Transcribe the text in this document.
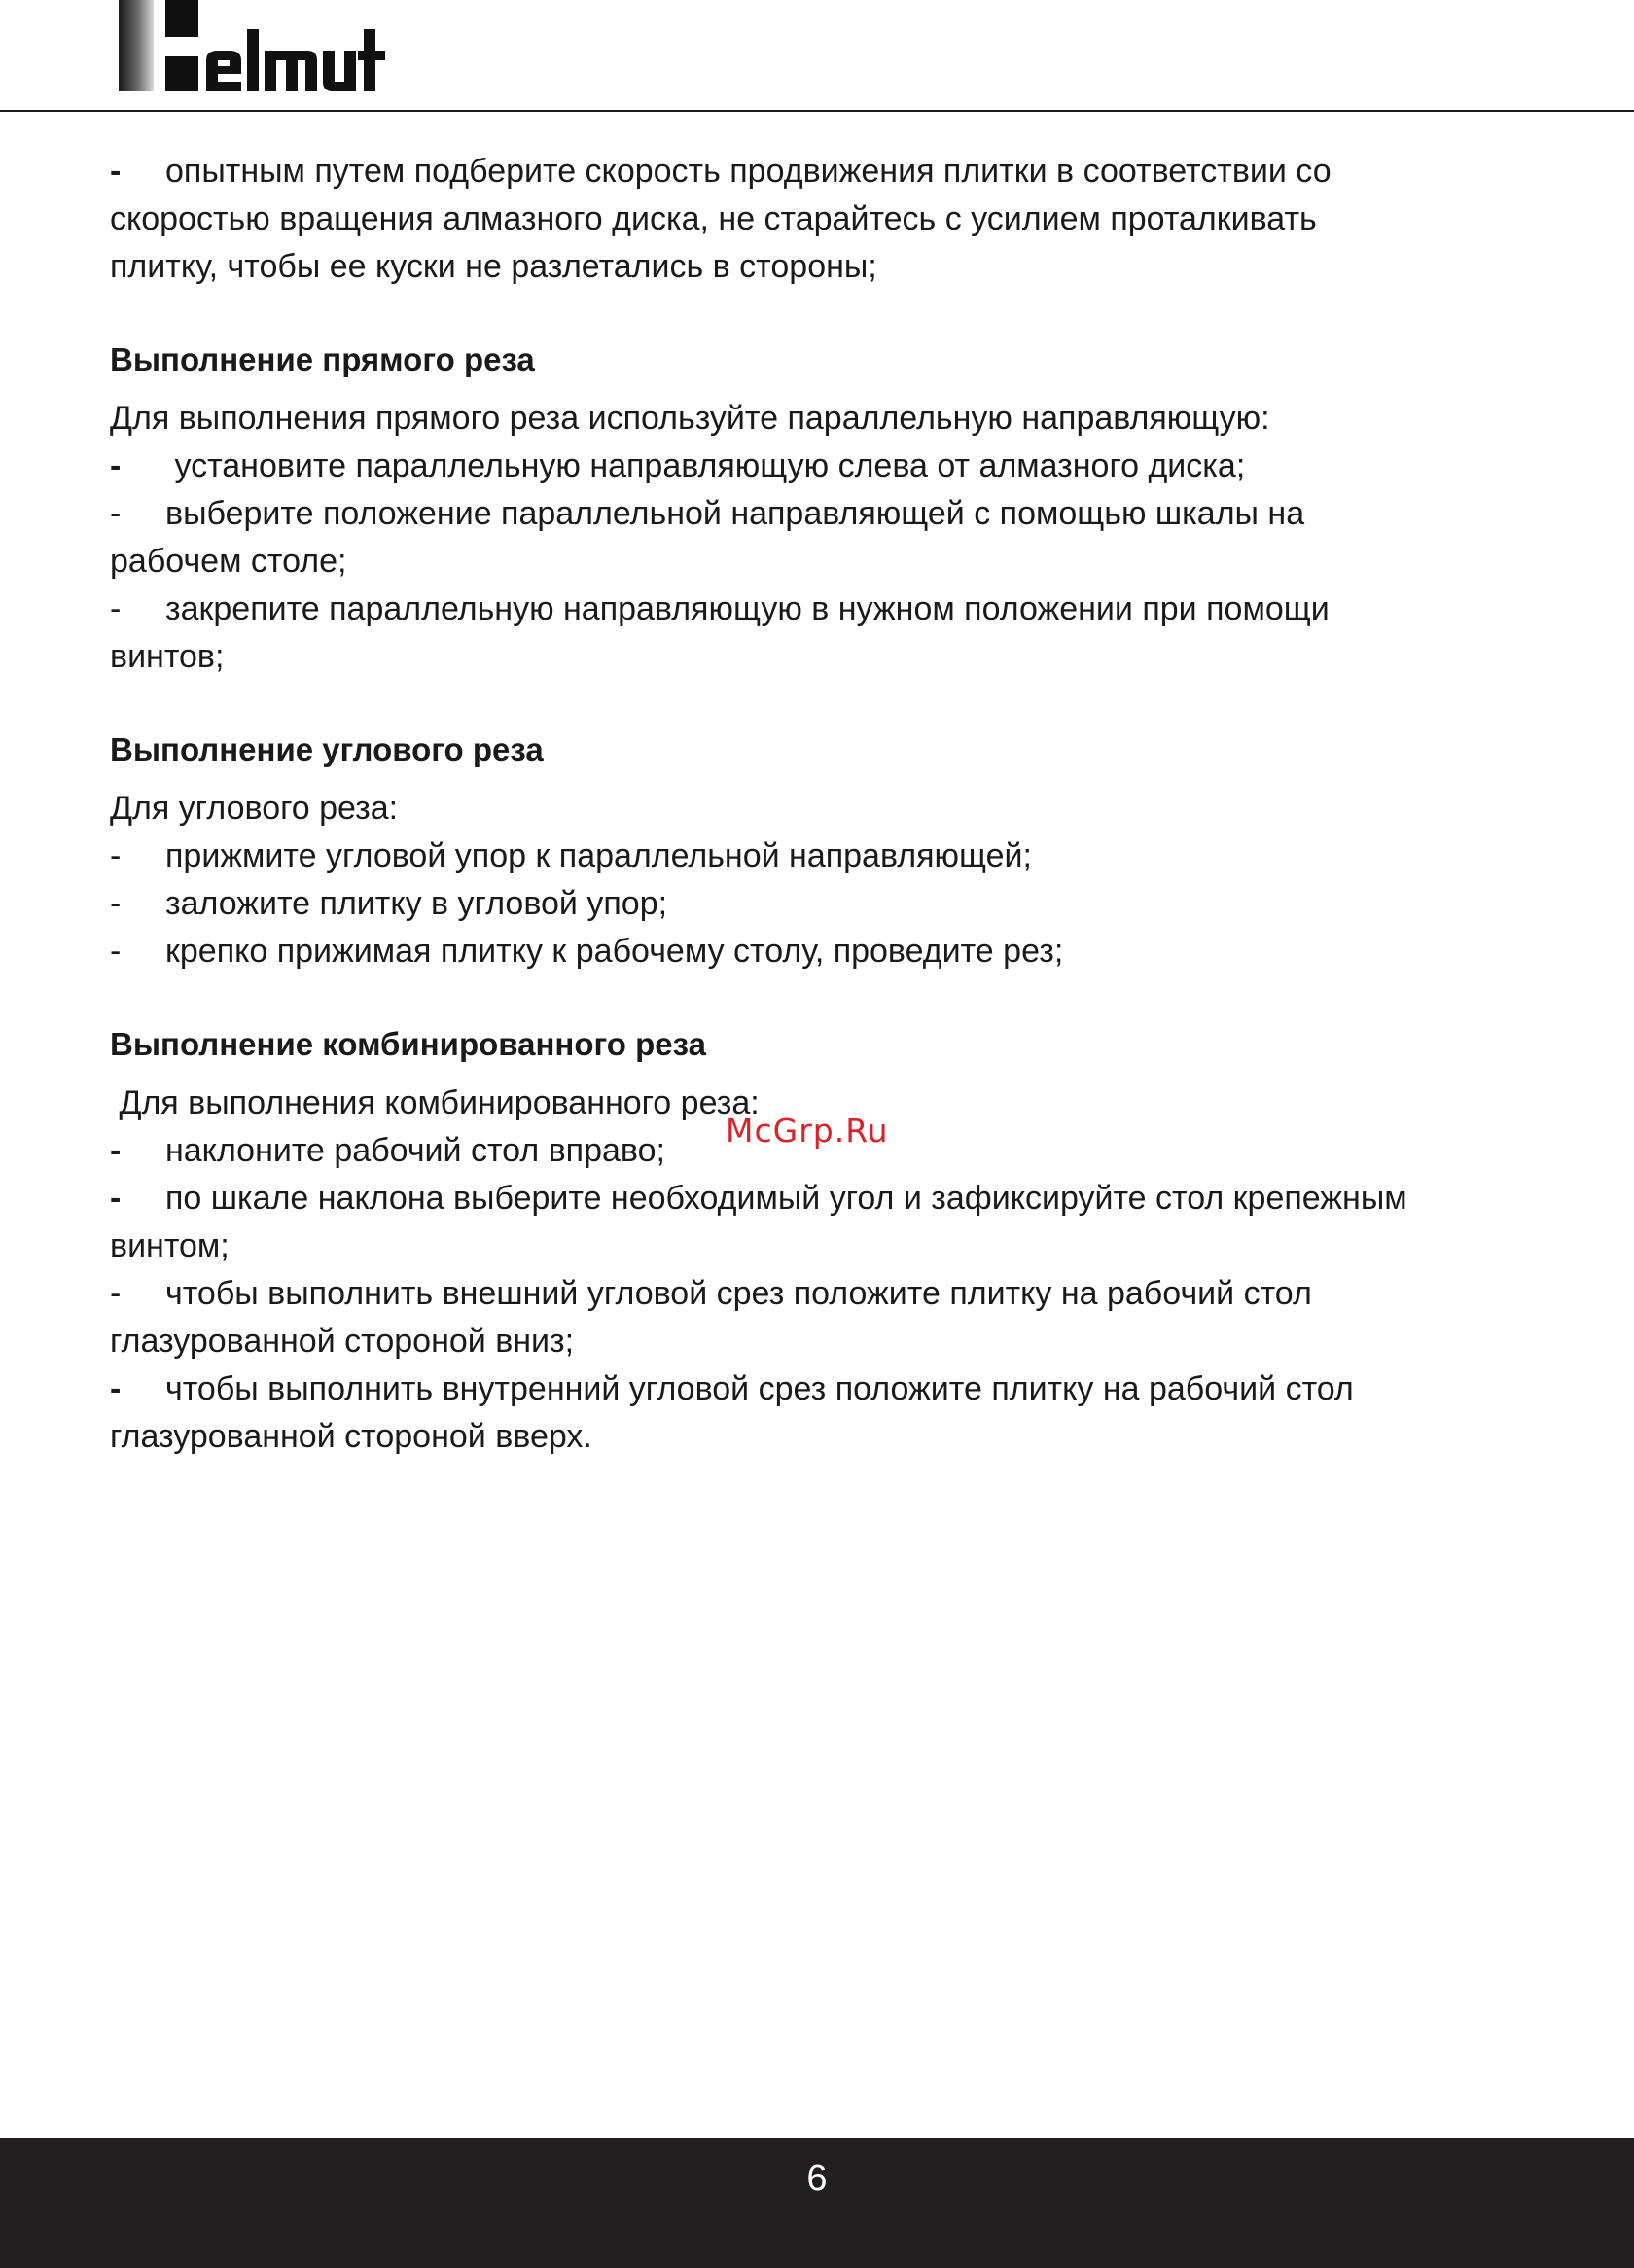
- опытным путем подберите скорость продвижения плитки в соответствии со

скоростью вращения алмазного диска, не старайтесь с усилием проталкивать

плитку, чтобы ее куски не разлетались в стороны;

Выполнение прямого реза

Для выполнения прямого реза используйте параллельную направляющую:

- установите параллельную направляющую слева от алмазного диска;

- выберите положение параллельной направляющей с помощью шкалы на

рабочем столе;

- закрепите параллельную направляющую в нужном положении при помощи

винтов;

Выполнение углового реза

Для углового реза:

- прижмите угловой упор к параллельной направляющей;

- заложите плитку в угловой упор;

- крепко прижимая плитку к рабочему столу, проведите рез;

Выполнение комбинированного реза

Для выполнения комбинированного реза:

- наклоните рабочий стол вправо;

- по шкале наклона выберите необходимый угол и зафиксируйте стол крепежным

винтом;

- чтобы выполнить внешний угловой срез положите плитку на рабочий стол

глазурованной стороной вниз;

- чтобы выполнить внутренний угловой срез положите плитку на рабочий стол

глазурованной стороной вверх.

McGrp.Ru
6
